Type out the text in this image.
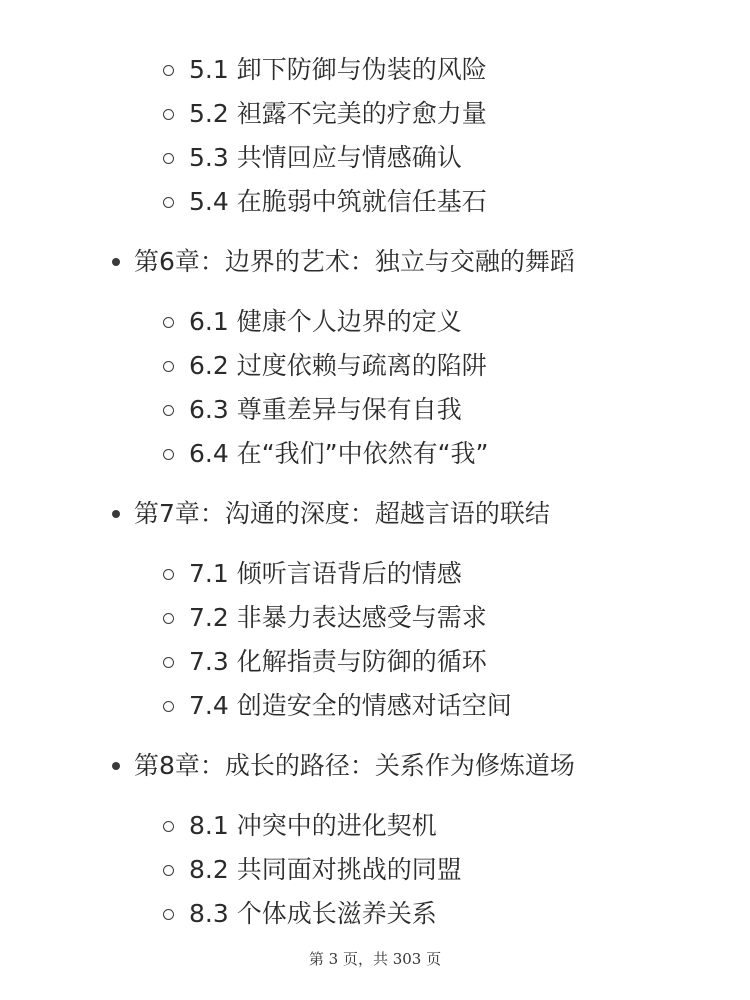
5.1 卸下防御与伪装的风险
5.2 袒露不完美的疗愈力量
5.3 共情回应与情感确认
5.4 在脆弱中筑就信任基石
第6章：边界的艺术：独立与交融的舞蹈
6.1 健康个人边界的定义
6.2 过度依赖与疏离的陷阱
6.3 尊重差异与保有自我
6.4 在“我们”中依然有“我”
第7章：沟通的深度：超越言语的联结
7.1 倾听言语背后的情感
7.2 非暴力表达感受与需求
7.3 化解指责与防御的循环
7.4 创造安全的情感对话空间
第8章：成长的路径：关系作为修炼道场
8.1 冲突中的进化契机
8.2 共同面对挑战的同盟
8.3 个体成长滋养关系
第 3 页，共 303 页
